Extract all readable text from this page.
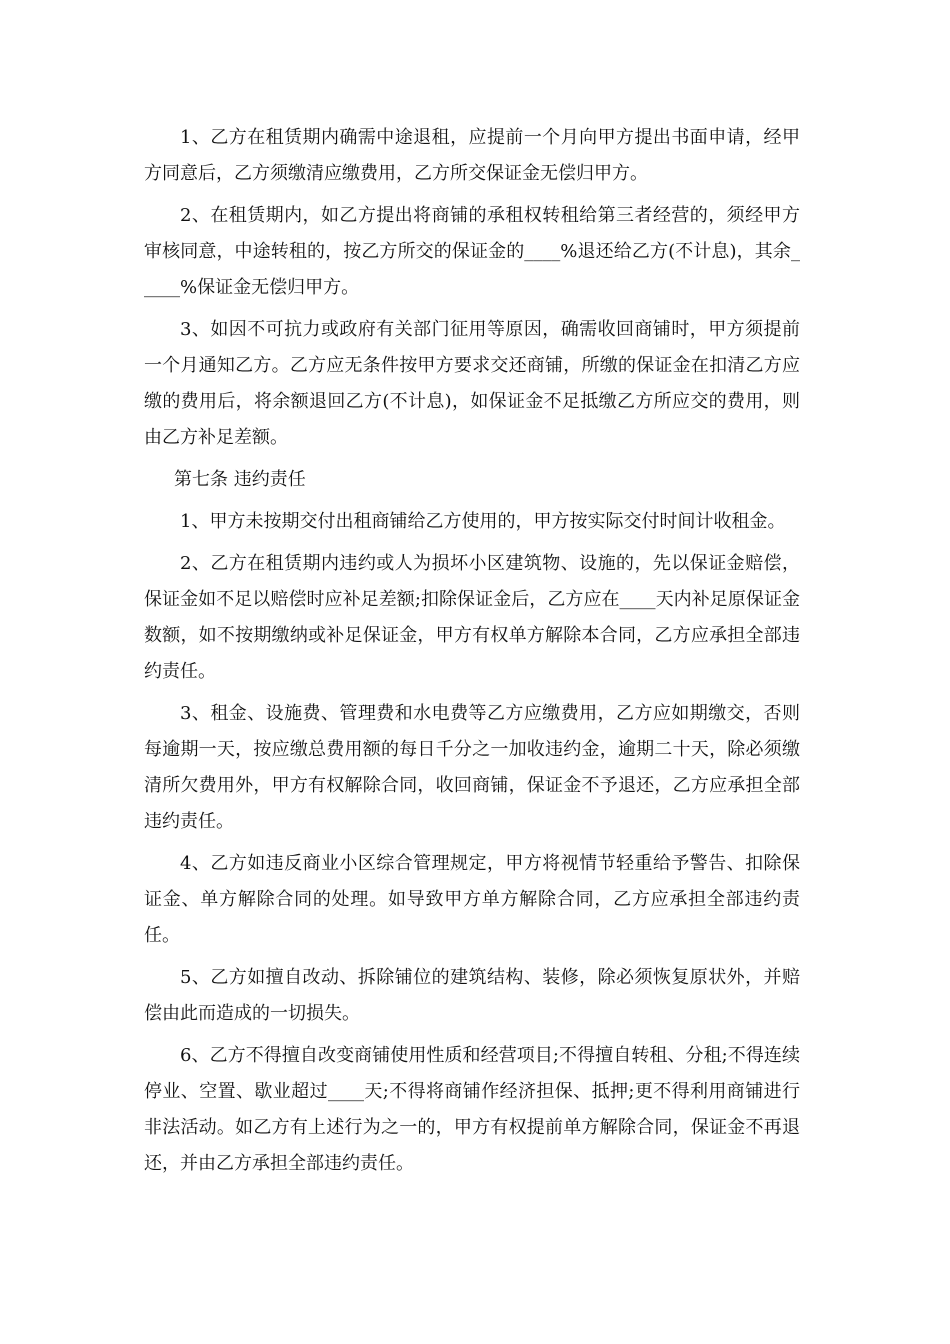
1、乙方在租赁期内确需中途退租，应提前一个月向甲方提出书面申请，经甲方同意后，乙方须缴清应缴费用，乙方所交保证金无偿归甲方。

2、在租赁期内，如乙方提出将商铺的承租权转租给第三者经营的，须经甲方审核同意，中途转租的，按乙方所交的保证金的____%退还给乙方(不计息)，其余_____%保证金无偿归甲方。

3、如因不可抗力或政府有关部门征用等原因，确需收回商铺时，甲方须提前一个月通知乙方。乙方应无条件按甲方要求交还商铺，所缴的保证金在扣清乙方应缴的费用后，将余额退回乙方(不计息)，如保证金不足抵缴乙方所应交的费用，则由乙方补足差额。

第七条 违约责任

1、甲方未按期交付出租商铺给乙方使用的，甲方按实际交付时间计收租金。

2、乙方在租赁期内违约或人为损坏小区建筑物、设施的，先以保证金赔偿，保证金如不足以赔偿时应补足差额;扣除保证金后，乙方应在____天内补足原保证金数额，如不按期缴纳或补足保证金，甲方有权单方解除本合同，乙方应承担全部违约责任。

3、租金、设施费、管理费和水电费等乙方应缴费用，乙方应如期缴交，否则每逾期一天，按应缴总费用额的每日千分之一加收违约金，逾期二十天，除必须缴清所欠费用外，甲方有权解除合同，收回商铺，保证金不予退还，乙方应承担全部违约责任。

4、乙方如违反商业小区综合管理规定，甲方将视情节轻重给予警告、扣除保证金、单方解除合同的处理。如导致甲方单方解除合同，乙方应承担全部违约责任。

5、乙方如擅自改动、拆除铺位的建筑结构、装修，除必须恢复原状外，并赔偿由此而造成的一切损失。

6、乙方不得擅自改变商铺使用性质和经营项目;不得擅自转租、分租;不得连续停业、空置、歇业超过____天;不得将商铺作经济担保、抵押;更不得利用商铺进行非法活动。如乙方有上述行为之一的，甲方有权提前单方解除合同，保证金不再退还，并由乙方承担全部违约责任。
